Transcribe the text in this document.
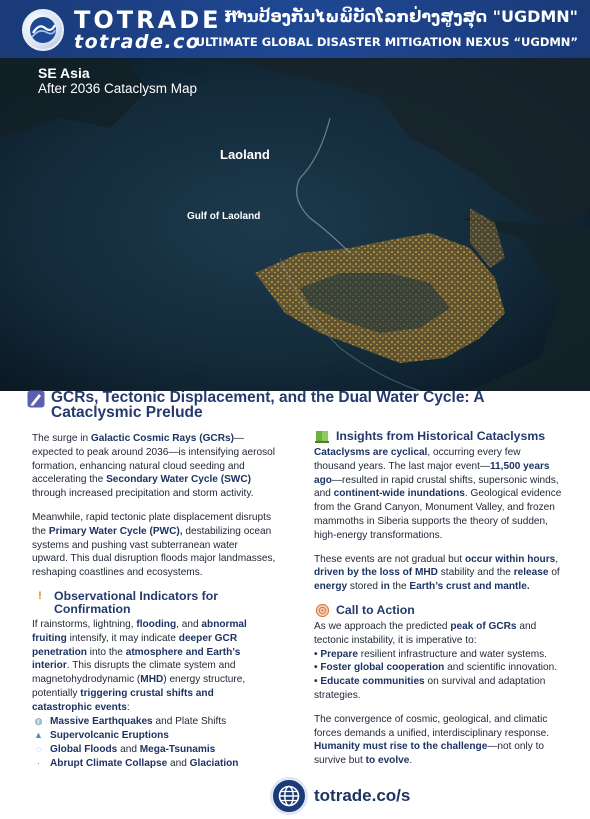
TOTRADE™
totrade.co
ການປ້ອງກັນໄພພິບັດໂລກຢ່າງສູງສຸດ "UGDMN"
ULTIMATE GLOBAL DISASTER MITIGATION NEXUS “UGDMN”
SE Asia
After 2036 Cataclysm Map
Laoland
Gulf of Laoland
GCRs, Tectonic Displacement, and the Dual Water Cycle: A Cataclysmic Prelude

The surge in Galactic Cosmic Rays (GCRs)—expected to peak around 2036—is intensifying aerosol formation, enhancing natural cloud seeding and accelerating the Secondary Water Cycle (SWC) through increased precipitation and storm activity.

Meanwhile, rapid tectonic plate displacement disrupts the Primary Water Cycle (PWC), destabilizing ocean systems and pushing vast subterranean water upward. This dual disruption floods major landmasses, reshaping coastlines and ecosystems.

! Observational Indicators for Confirmation

If rainstorms, lightning, flooding, and abnormal fruiting intensify, it may indicate deeper GCR penetration into the atmosphere and Earth’s interior. This disrupts the climate system and magnetohydrodynamic (MHD) energy structure, potentially triggering crustal shifts and catastrophic events:

◍ Massive Earthquakes and Plate Shifts
▲ Supervolcanic Eruptions
◌ Global Floods and Mega-Tsunamis
· Abrupt Climate Collapse and Glaciation
Insights from Historical Cataclysms

Cataclysms are cyclical, occurring every few thousand years. The last major event—11,500 years ago—resulted in rapid crustal shifts, supersonic winds, and continent-wide inundations. Geological evidence from the Grand Canyon, Monument Valley, and frozen mammoths in Siberia supports the theory of sudden, high-energy transformations.

These events are not gradual but occur within hours, driven by the loss of MHD stability and the release of energy stored in the Earth’s crust and mantle.

Call to Action

As we approach the predicted peak of GCRs and tectonic instability, it is imperative to:

• Prepare resilient infrastructure and water systems.
• Foster global cooperation and scientific innovation.
• Educate communities on survival and adaptation strategies.

The convergence of cosmic, geological, and climatic forces demands a unified, interdisciplinary response. Humanity must rise to the challenge—not only to survive but to evolve.

totrade.co/s
